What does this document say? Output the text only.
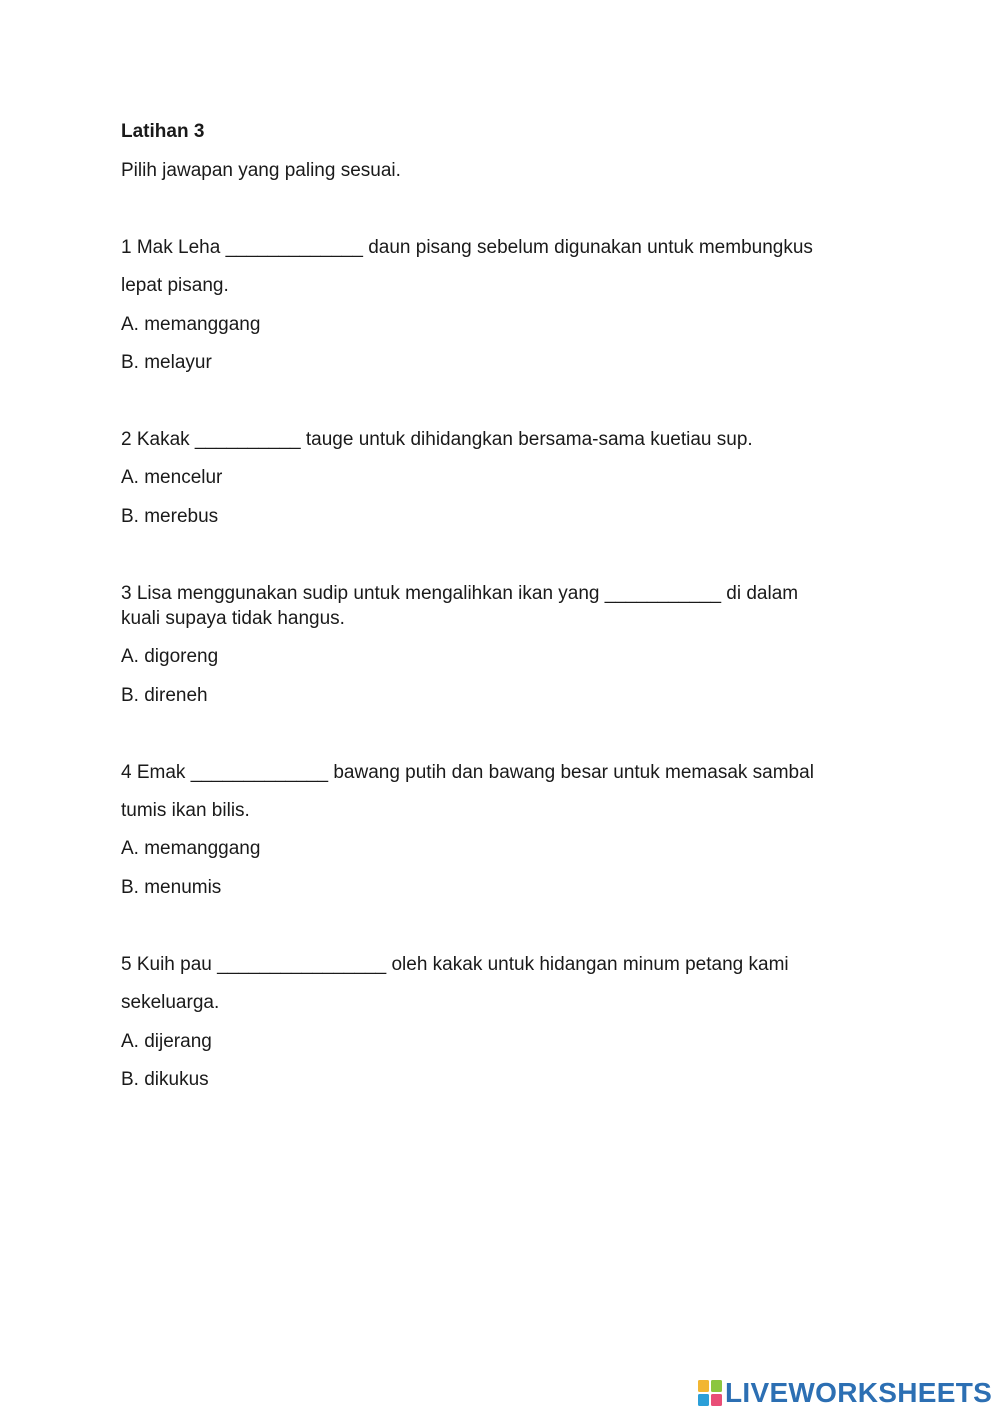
Latihan 3

Pilih jawapan yang paling sesuai.

1 Mak Leha _____________ daun pisang sebelum digunakan untuk membungkus

lepat pisang.

A. memanggang

B. melayur

2 Kakak __________ tauge untuk dihidangkan bersama-sama kuetiau sup.

A. mencelur

B. merebus

3 Lisa menggunakan sudip untuk mengalihkan ikan yang ___________ di dalam

kuali supaya tidak hangus.

A. digoreng

B. direneh

4 Emak _____________ bawang putih dan bawang besar untuk memasak sambal

tumis ikan bilis.

A. memanggang

B. menumis

5 Kuih pau ________________ oleh kakak untuk hidangan minum petang kami

sekeluarga.

A. dijerang

B. dikukus

LIVEWORKSHEETS
